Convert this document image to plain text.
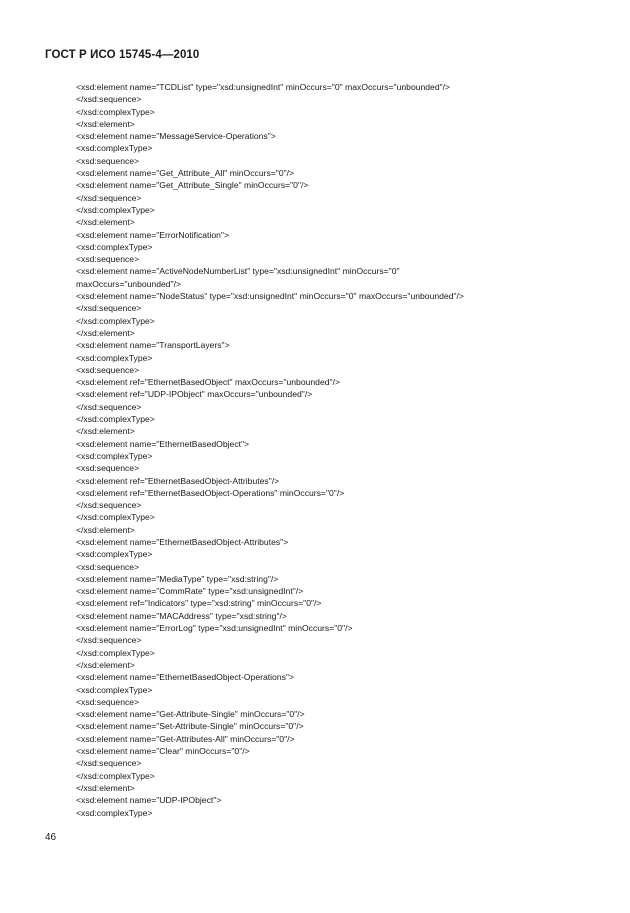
ГОСТ Р ИСО 15745-4—2010
<xsd:element name="TCDList" type="xsd:unsignedInt" minOccurs="0" maxOccurs="unbounded"/>
</xsd:sequence>
</xsd:complexType>
</xsd:element>
<xsd:element name="MessageService-Operations">
<xsd:complexType>
<xsd:sequence>
<xsd:element name="Get_Attribute_All" minOccurs="0"/>
<xsd:element name="Get_Attribute_Single" minOccurs="0"/>
</xsd:sequence>
</xsd:complexType>
</xsd:element>
<xsd:element name="ErrorNotification">
<xsd:complexType>
<xsd:sequence>
<xsd:element name="ActiveNodeNumberList" type="xsd:unsignedInt" minOccurs="0"
maxOccurs="unbounded"/>
<xsd:element name="NodeStatus" type="xsd:unsignedInt" minOccurs="0" maxOccurs="unbounded"/>
</xsd:sequence>
</xsd:complexType>
</xsd:element>
<xsd:element name="TransportLayers">
<xsd:complexType>
<xsd:sequence>
<xsd:element ref="EthernetBasedObject" maxOccurs="unbounded"/>
<xsd:element ref="UDP-IPObject" maxOccurs="unbounded"/>
</xsd:sequence>
</xsd:complexType>
</xsd:element>
<xsd:element name="EthernetBasedObject">
<xsd:complexType>
<xsd:sequence>
<xsd:element ref="EthernetBasedObject-Attributes"/>
<xsd:element ref="EthernetBasedObject-Operations" minOccurs="0"/>
</xsd:sequence>
</xsd:complexType>
</xsd:element>
<xsd:element name="EthernetBasedObject-Attributes">
<xsd:complexType>
<xsd:sequence>
<xsd:element name="MediaType" type="xsd:string"/>
<xsd:element name="CommRate" type="xsd:unsignedInt"/>
<xsd:element ref="Indicators" type="xsd:string" minOccurs="0"/>
<xsd:element name="MACAddress" type="xsd:string"/>
<xsd:element name="ErrorLog" type="xsd:unsignedInt" minOccurs="0"/>
</xsd:sequence>
</xsd:complexType>
</xsd:element>
<xsd:element name="EthernetBasedObject-Operations">
<xsd:complexType>
<xsd:sequence>
<xsd:element name="Get-Attribute-Single" minOccurs="0"/>
<xsd:element name="Set-Attribute-Single" minOccurs="0"/>
<xsd:element name="Get-Attributes-All" minOccurs="0"/>
<xsd:element name="Clear" minOccurs="0"/>
</xsd:sequence>
</xsd:complexType>
</xsd:element>
<xsd:element name="UDP-IPObject">
<xsd:complexType>
46
